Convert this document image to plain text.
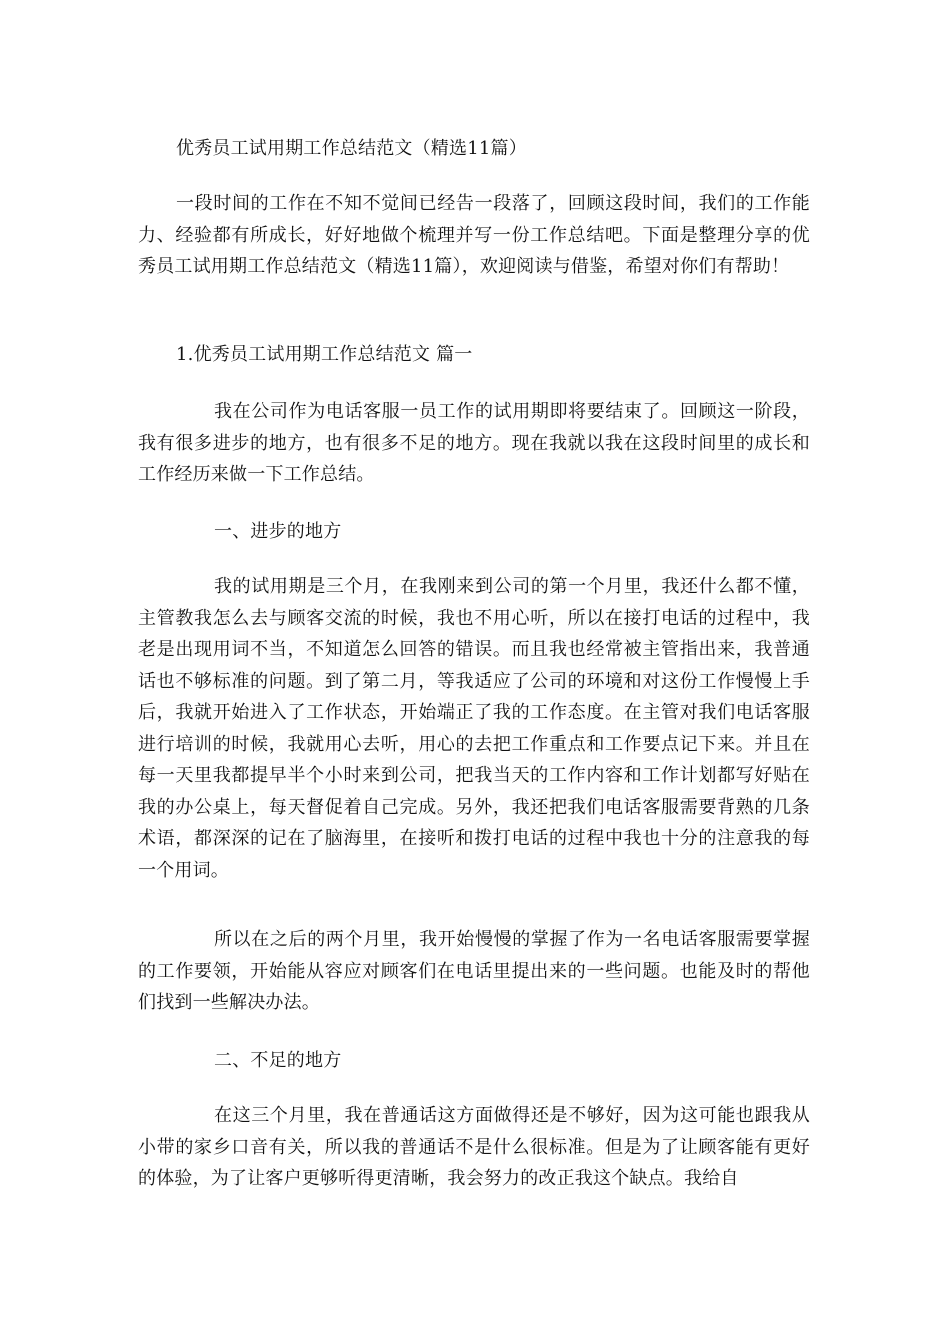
优秀员工试用期工作总结范文（精选11篇）

一段时间的工作在不知不觉间已经告一段落了，回顾这段时间，我们的工作能力、经验都有所成长，好好地做个梳理并写一份工作总结吧。下面是整理分享的优秀员工试用期工作总结范文（精选11篇），欢迎阅读与借鉴，希望对你们有帮助！

1.优秀员工试用期工作总结范文 篇一

我在公司作为电话客服一员工作的试用期即将要结束了。回顾这一阶段，我有很多进步的地方，也有很多不足的地方。现在我就以我在这段时间里的成长和工作经历来做一下工作总结。

一、进步的地方

我的试用期是三个月，在我刚来到公司的第一个月里，我还什么都不懂，主管教我怎么去与顾客交流的时候，我也不用心听，所以在接打电话的过程中，我老是出现用词不当，不知道怎么回答的错误。而且我也经常被主管指出来，我普通话也不够标准的问题。到了第二月，等我适应了公司的环境和对这份工作慢慢上手后，我就开始进入了工作状态，开始端正了我的工作态度。在主管对我们电话客服进行培训的时候，我就用心去听，用心的去把工作重点和工作要点记下来。并且在每一天里我都提早半个小时来到公司，把我当天的工作内容和工作计划都写好贴在我的办公桌上，每天督促着自己完成。另外，我还把我们电话客服需要背熟的几条术语，都深深的记在了脑海里，在接听和拨打电话的过程中我也十分的注意我的每一个用词。

所以在之后的两个月里，我开始慢慢的掌握了作为一名电话客服需要掌握的工作要领，开始能从容应对顾客们在电话里提出来的一些问题。也能及时的帮他们找到一些解决办法。

二、不足的地方

在这三个月里，我在普通话这方面做得还是不够好，因为这可能也跟我从小带的家乡口音有关，所以我的普通话不是什么很标准。但是为了让顾客能有更好的体验，为了让客户更够听得更清晰，我会努力的改正我这个缺点。我给自
